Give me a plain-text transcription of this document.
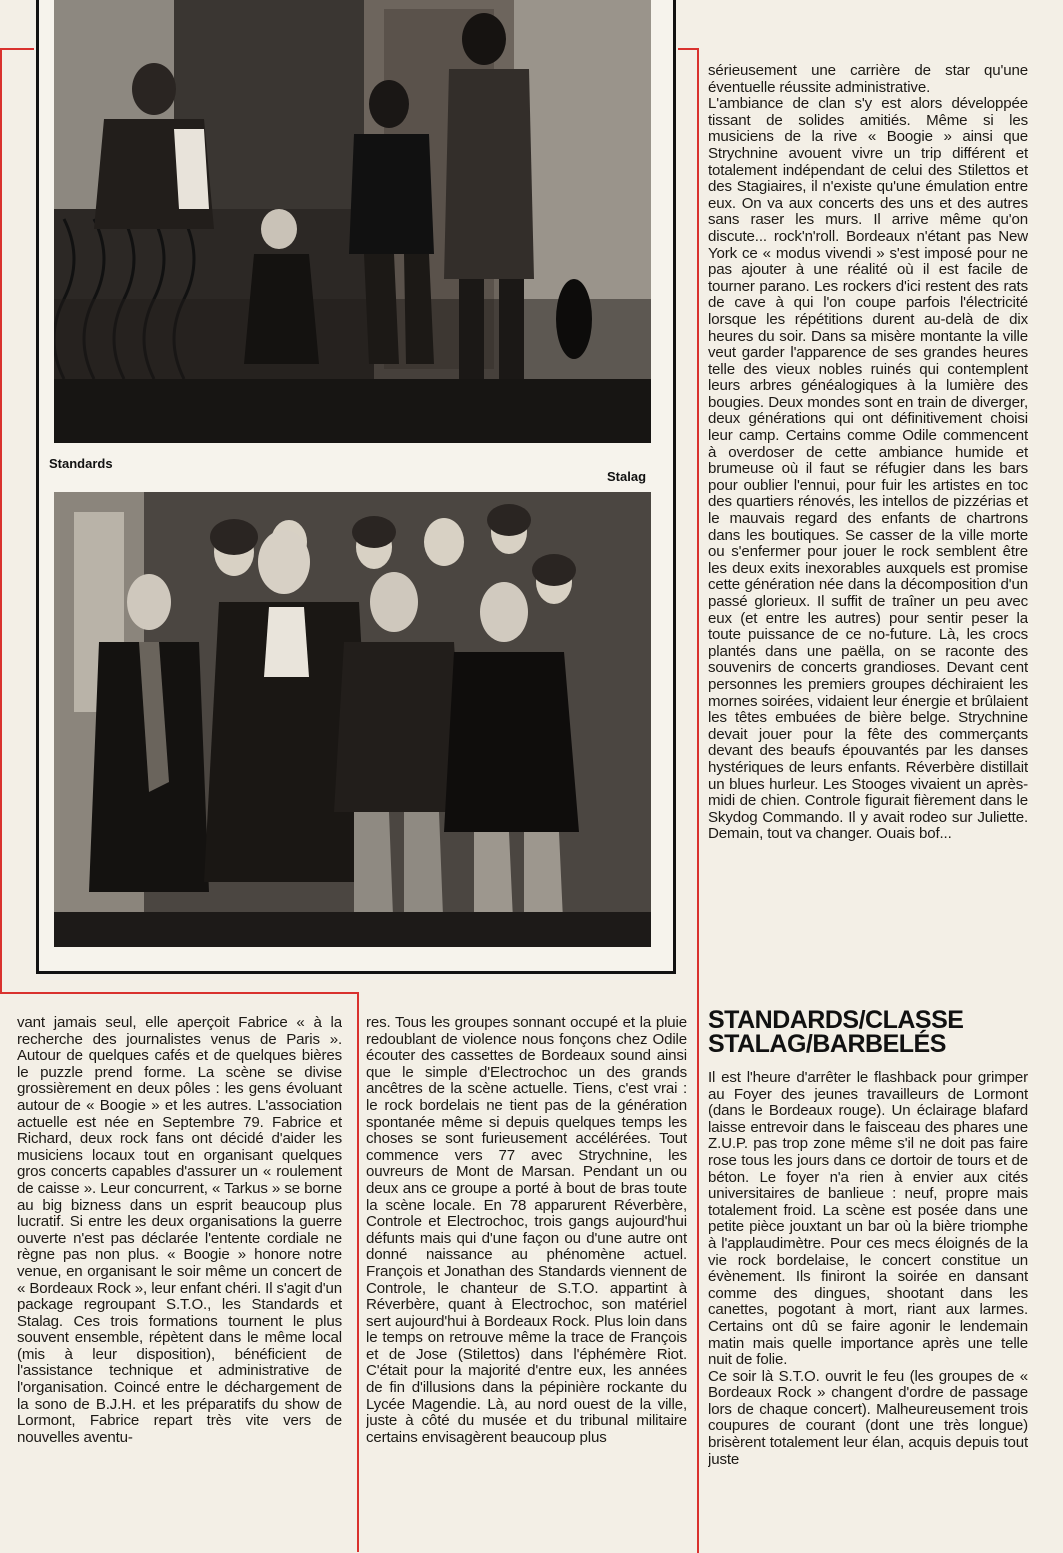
Standards
Stalag

sérieusement une carrière de star qu'une éventuelle réussite administrative.

L'ambiance de clan s'y est alors développée tissant de solides amitiés. Même si les musiciens de la rive « Boogie » ainsi que Strychnine avouent vivre un trip différent et totalement indépendant de celui des Stilettos et des Stagiaires, il n'existe qu'une émulation entre eux. On va aux concerts des uns et des autres sans raser les murs. Il arrive même qu'on discute... rock'n'roll. Bordeaux n'étant pas New York ce « modus vivendi » s'est imposé pour ne pas ajouter à une réalité où il est facile de tourner parano. Les rockers d'ici restent des rats de cave à qui l'on coupe parfois l'électricité lorsque les répétitions durent au-delà de dix heures du soir. Dans sa misère montante la ville veut garder l'apparence de ses grandes heures telle des vieux nobles ruinés qui contemplent leurs arbres généalogiques à la lumière des bougies. Deux mondes sont en train de diverger, deux générations qui ont définitivement choisi leur camp. Certains comme Odile commencent à overdoser de cette ambiance humide et brumeuse où il faut se réfugier dans les bars pour oublier l'ennui, pour fuir les artistes en toc des quartiers rénovés, les intellos de pizzérias et le mauvais regard des enfants de chartrons dans les boutiques. Se casser de la ville morte ou s'enfermer pour jouer le rock semblent être les deux exits inexorables auxquels est promise cette génération née dans la décomposition d'un passé glorieux. Il suffit de traîner un peu avec eux (et entre les autres) pour sentir peser la toute puissance de ce no-future. Là, les crocs plantés dans une paëlla, on se raconte des souvenirs de concerts grandioses. Devant cent personnes les premiers groupes déchiraient les mornes soirées, vidaient leur énergie et brûlaient les têtes embuées de bière belge. Strychnine devait jouer pour la fête des commerçants devant des beaufs épouvantés par les danses hystériques de leurs enfants. Réverbère distillait un blues hurleur. Les Stooges vivaient un après-midi de chien. Controle figurait fièrement dans le Skydog Commando. Il y avait rodeo sur Juliette. Demain, tout va changer. Ouais bof...

STANDARDS/CLASSE STALAG/BARBELÉS

Il est l'heure d'arrêter le flashback pour grimper au Foyer des jeunes travailleurs de Lormont (dans le Bordeaux rouge). Un éclairage blafard laisse entrevoir dans le faisceau des phares une Z.U.P. pas trop zone même s'il ne doit pas faire rose tous les jours dans ce dortoir de tours et de béton. Le foyer n'a rien à envier aux cités universitaires de banlieue : neuf, propre mais totalement froid. La scène est posée dans une petite pièce jouxtant un bar où la bière triomphe à l'applaudimètre. Pour ces mecs éloignés de la vie rock bordelaise, le concert constitue un évènement. Ils finiront la soirée en dansant comme des dingues, shootant dans les canettes, pogotant à mort, riant aux larmes. Certains ont dû se faire agonir le lendemain matin mais quelle importance après une telle nuit de folie.

Ce soir là S.T.O. ouvrit le feu (les groupes de « Bordeaux Rock » changent d'ordre de passage lors de chaque concert). Malheureusement trois coupures de courant (dont une très longue) brisèrent totalement leur élan, acquis depuis tout juste

vant jamais seul, elle aperçoit Fabrice « à la recherche des journalistes venus de Paris ». Autour de quelques cafés et de quelques bières le puzzle prend forme. La scène se divise grossièrement en deux pôles : les gens évoluant autour de « Boogie » et les autres. L'association actuelle est née en Septembre 79. Fabrice et Richard, deux rock fans ont décidé d'aider les musiciens locaux tout en organisant quelques gros concerts capables d'assurer un « roulement de caisse ». Leur concurrent, « Tarkus » se borne au big bizness dans un esprit beaucoup plus lucratif. Si entre les deux organisations la guerre ouverte n'est pas déclarée l'entente cordiale ne règne pas non plus. « Boogie » honore notre venue, en organisant le soir même un concert de « Bordeaux Rock », leur enfant chéri. Il s'agit d'un package regroupant S.T.O., les Standards et Stalag. Ces trois formations tournent le plus souvent ensemble, répètent dans le même local (mis à leur disposition), bénéficient de l'assistance technique et administrative de l'organisation. Coincé entre le déchargement de la sono de B.J.H. et les préparatifs du show de Lormont, Fabrice repart très vite vers de nouvelles aventu-

res. Tous les groupes sonnant occupé et la pluie redoublant de violence nous fonçons chez Odile écouter des cassettes de Bordeaux sound ainsi que le simple d'Electrochoc un des grands ancêtres de la scène actuelle. Tiens, c'est vrai : le rock bordelais ne tient pas de la génération spontanée même si depuis quelques temps les choses se sont furieusement accélérées. Tout commence vers 77 avec Strychnine, les ouvreurs de Mont de Marsan. Pendant un ou deux ans ce groupe a porté à bout de bras toute la scène locale. En 78 apparurent Réverbère, Controle et Electrochoc, trois gangs aujourd'hui défunts mais qui d'une façon ou d'une autre ont donné naissance au phénomène actuel. François et Jonathan des Standards viennent de Controle, le chanteur de S.T.O. appartint à Réverbère, quant à Electrochoc, son matériel sert aujourd'hui à Bordeaux Rock. Plus loin dans le temps on retrouve même la trace de François et de Jose (Stilettos) dans l'éphémère Riot. C'était pour la majorité d'entre eux, les années de fin d'illusions dans la pépinière rockante du Lycée Magendie. Là, au nord ouest de la ville, juste à côté du musée et du tribunal militaire certains envisagèrent beaucoup plus
